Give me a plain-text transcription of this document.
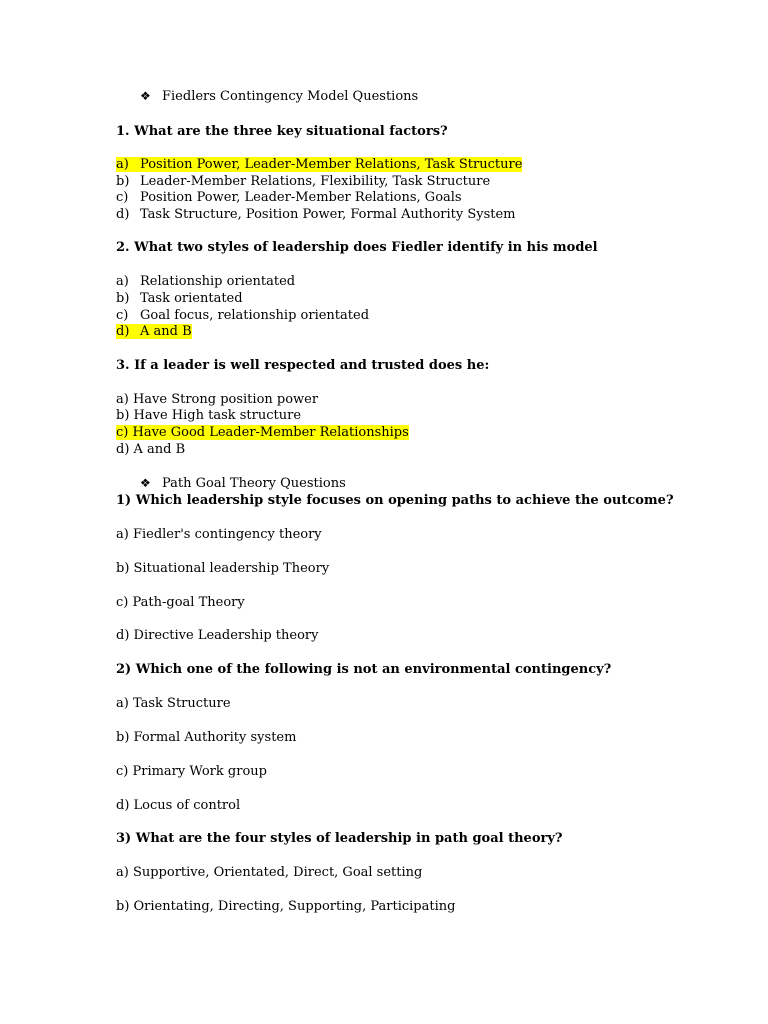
❖ Fiedlers Contingency Model Questions
1. What are the three key situational factors?
a) Position Power, Leader-Member Relations, Task Structure
b) Leader-Member Relations, Flexibility, Task Structure
c) Position Power, Leader-Member Relations, Goals
d) Task Structure, Position Power, Formal Authority System
2. What two styles of leadership does Fiedler identify in his model
a) Relationship orientated
b) Task orientated
c) Goal focus, relationship orientated
d) A and B
3. If a leader is well respected and trusted does he:
a) Have Strong position power
b) Have High task structure
c) Have Good Leader-Member Relationships
d) A and B
❖ Path Goal Theory Questions
1) Which leadership style focuses on opening paths to achieve the outcome?
a) Fiedler's contingency theory
b) Situational leadership Theory
c) Path-goal Theory
d) Directive Leadership theory
2) Which one of the following is not an environmental contingency?
a) Task Structure
b) Formal Authority system
c) Primary Work group
d) Locus of control
3) What are the four styles of leadership in path goal theory?
a) Supportive, Orientated, Direct, Goal setting
b) Orientating, Directing, Supporting, Participating
